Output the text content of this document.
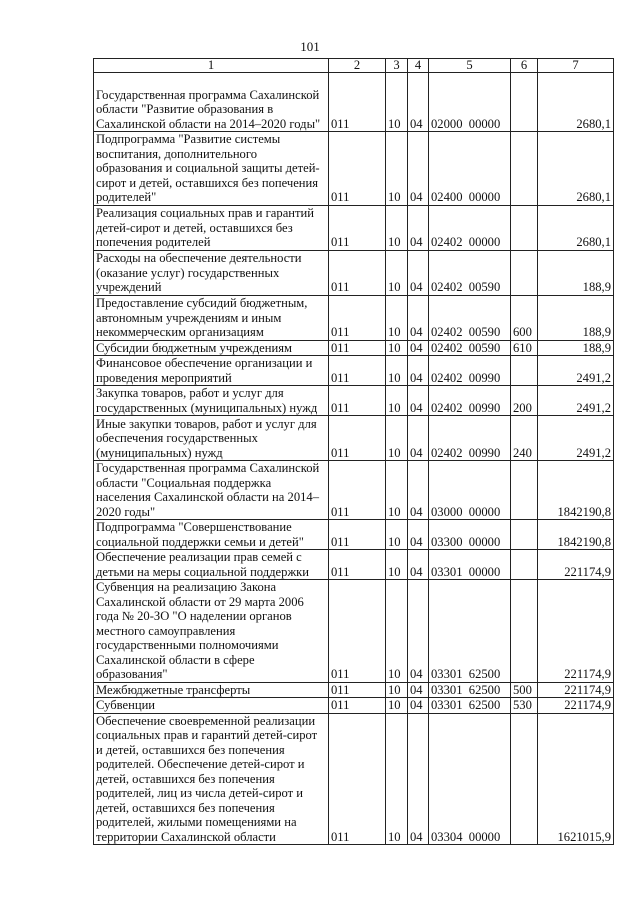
101
1	2	3	4	5	6	7
Государственная программа Сахалинской области "Развитие образования в Сахалинской области на 2014–2020 годы"	011	10	04	02000  00000		2680,1
Подпрограмма "Развитие системы воспитания, дополнительного образования и социальной защиты детей-сирот и детей, оставшихся без попечения родителей"	011	10	04	02400  00000		2680,1
Реализация социальных прав и гарантий детей-сирот и детей, оставшихся без попечения родителей	011	10	04	02402  00000		2680,1
Расходы на обеспечение деятельности (оказание услуг) государственных учреждений	011	10	04	02402  00590		188,9
Предоставление субсидий бюджетным, автономным учреждениям и иным некоммерческим организациям	011	10	04	02402  00590	600	188,9
Субсидии бюджетным учреждениям	011	10	04	02402  00590	610	188,9
Финансовое обеспечение организации и проведения мероприятий	011	10	04	02402  00990		2491,2
Закупка товаров, работ и услуг для государственных (муниципальных) нужд	011	10	04	02402  00990	200	2491,2
Иные закупки товаров, работ и услуг для обеспечения государственных (муниципальных) нужд	011	10	04	02402  00990	240	2491,2
Государственная программа Сахалинской области "Социальная поддержка населения Сахалинской области на 2014–2020 годы"	011	10	04	03000  00000		1842190,8
Подпрограмма "Совершенствование социальной поддержки семьи и детей"	011	10	04	03300  00000		1842190,8
Обеспечение реализации прав семей с детьми на меры социальной поддержки	011	10	04	03301  00000		221174,9
Субвенция на реализацию Закона Сахалинской области от 29 марта 2006 года № 20-ЗО "О наделении органов местного самоуправления государственными полномочиями Сахалинской области в сфере образования"	011	10	04	03301  62500		221174,9
Межбюджетные трансферты	011	10	04	03301  62500	500	221174,9
Субвенции	011	10	04	03301  62500	530	221174,9
Обеспечение своевременной реализации социальных прав и гарантий детей-сирот и детей, оставшихся без попечения родителей. Обеспечение детей-сирот и детей, оставшихся без попечения родителей, лиц из числа детей-сирот и детей, оставшихся без попечения родителей, жилыми помещениями на территории Сахалинской области	011	10	04	03304  00000		1621015,9
